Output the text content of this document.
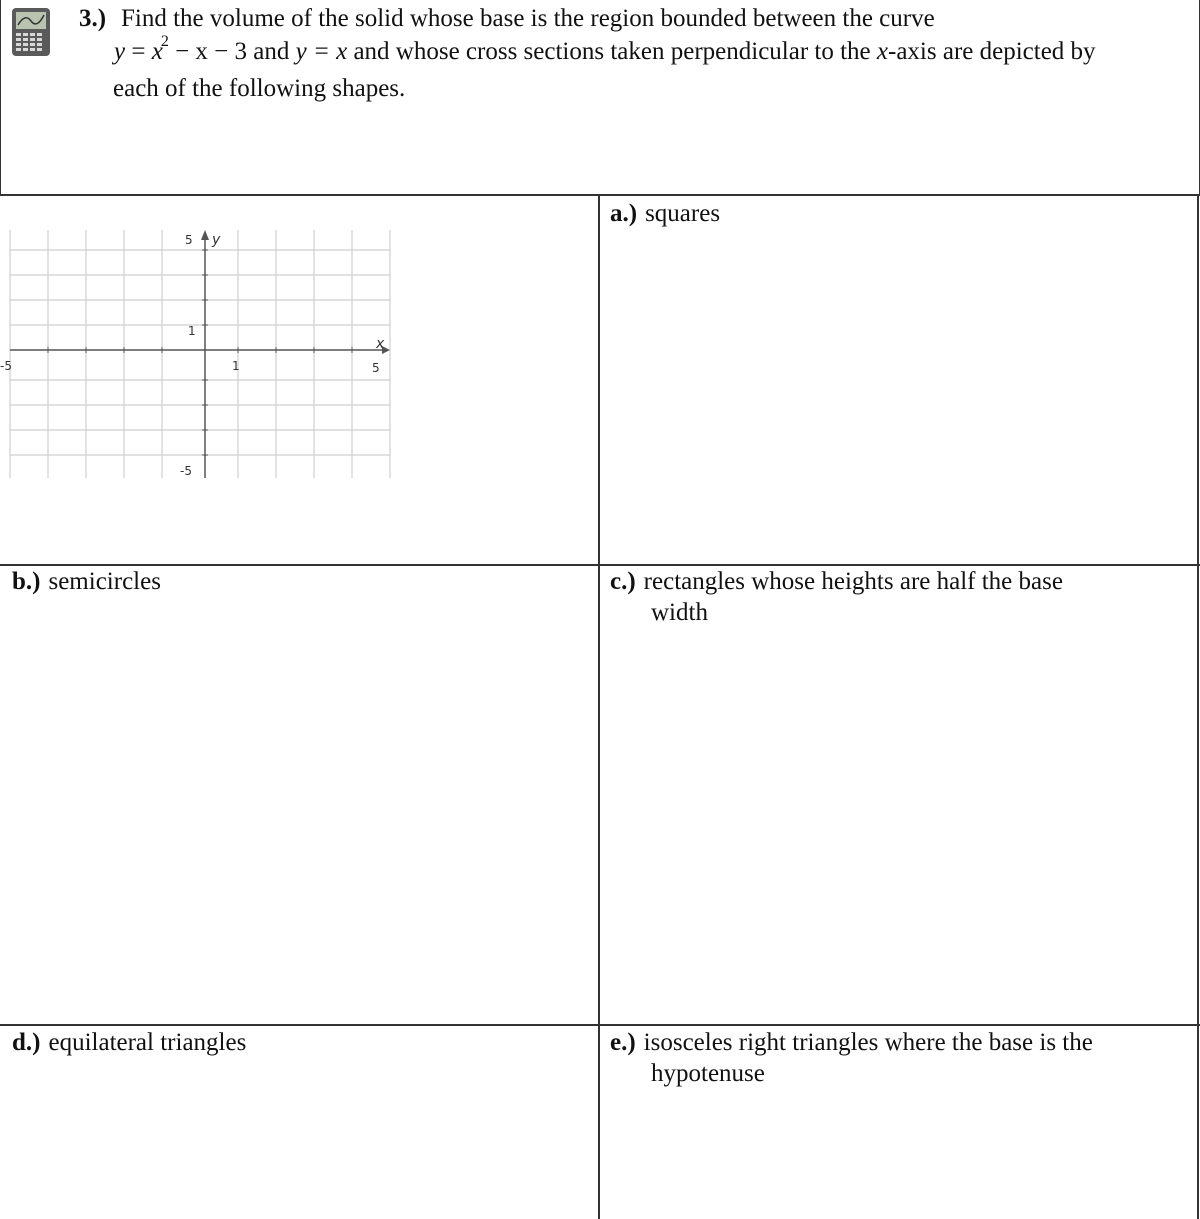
3.) Find the volume of the solid whose base is the region bounded between the curve
$y = x^2 - x - 3$ and y = x and whose cross sections taken perpendicular to the x-axis are depicted by
each of the following shapes.
-5	1	5
x
5 y
1
-5
a.) squares
b.) semicircles	c.) rectangles whose heights are half the base
width
d.) equilateral triangles	e.) isosceles right triangles where the base is the
hypotenuse
